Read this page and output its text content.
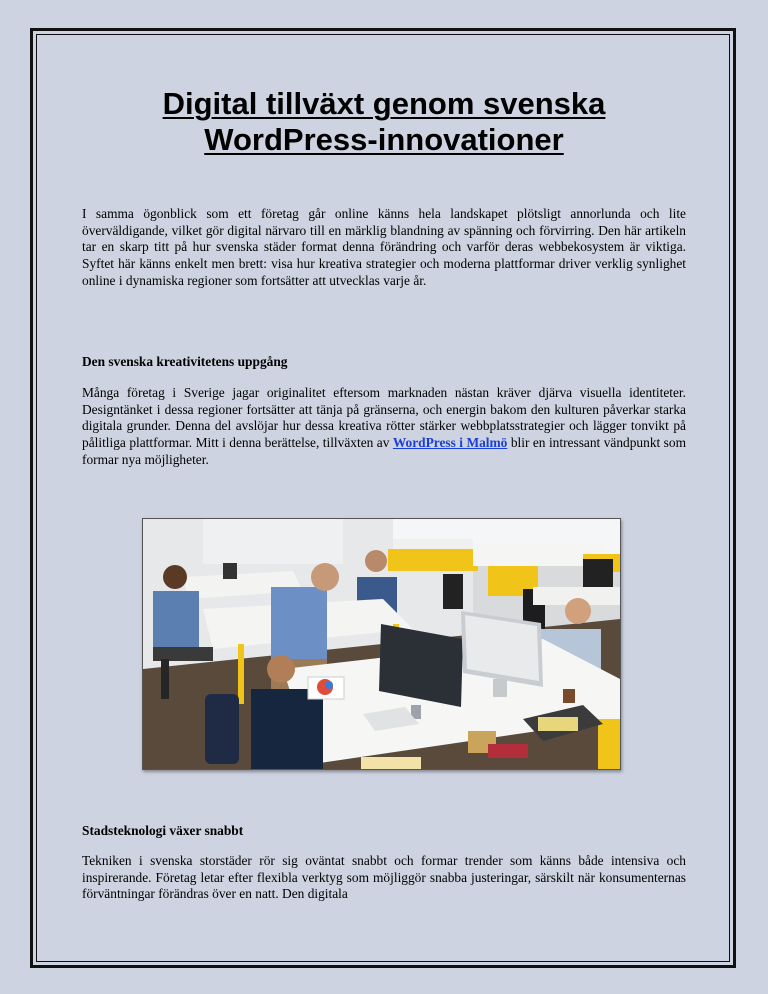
Digital tillväxt genom svenska WordPress-innovationer

I samma ögonblick som ett företag går online känns hela landskapet plötsligt annorlunda och lite överväldigande, vilket gör digital närvaro till en märklig blandning av spänning och förvirring. Den här artikeln tar en skarp titt på hur svenska städer format denna förändring och varför deras webbekosystem är viktiga. Syftet här känns enkelt men brett: visa hur kreativa strategier och moderna plattformar driver verklig synlighet online i dynamiska regioner som fortsätter att utvecklas varje år.

Den svenska kreativitetens uppgång

Många företag i Sverige jagar originalitet eftersom marknaden nästan kräver djärva visuella identiteter. Designtänket i dessa regioner fortsätter att tänja på gränserna, och energin bakom den kulturen påverkar starka digitala grunder. Denna del avslöjar hur dessa kreativa rötter stärker webbplatsstrategier och lägger tonvikt på pålitliga plattformar. Mitt i denna berättelse, tillväxten av WordPress i Malmö blir en intressant vändpunkt som formar nya möjligheter.

Stadsteknologi växer snabbt

Tekniken i svenska storstäder rör sig oväntat snabbt och formar trender som känns både intensiva och inspirerande. Företag letar efter flexibla verktyg som möjliggör snabba justeringar, särskilt när konsumenternas förväntningar förändras över en natt. Den digitala
